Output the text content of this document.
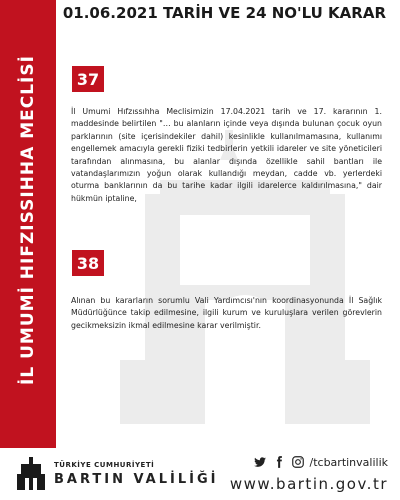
İL UMUMİ HIFZISSIHHA MECLİSİ
01.06.2021 TARİH VE 24 NO'LU KARAR
37

İl Umumi Hıfzıssıhha Meclisimizin 17.04.2021 tarih ve 17. kararının 1. maddesinde belirtilen "… bu alanların içinde veya dışında bulunan çocuk oyun parklarının (site içerisindekiler dahil) kesinlikle kullanılmamasına, kullanımı engellemek amacıyla gerekli fiziki tedbirlerin yetkili idareler ve site yöneticileri tarafından alınmasına, bu alanlar dışında özellikle sahil bantları ile vatandaşlarımızın yoğun olarak kullandığı meydan, cadde vb. yerlerdeki oturma banklarının da bu tarihe kadar ilgili idarelerce kaldırılmasına," dair hükmün iptaline,

38

Alınan bu kararların sorumlu Vali Yardımcısı'nın koordinasyonunda İl Sağlık Müdürlüğünce takip edilmesine, ilgili kurum ve kuruluşlara verilen görevlerin gecikmeksizin ikmal edilmesine karar verilmiştir.

TÜRKİYE CUMHURİYETİ
BARTIN VALİLİĞİ
/tcbartinvalilik
www.bartin.gov.tr
